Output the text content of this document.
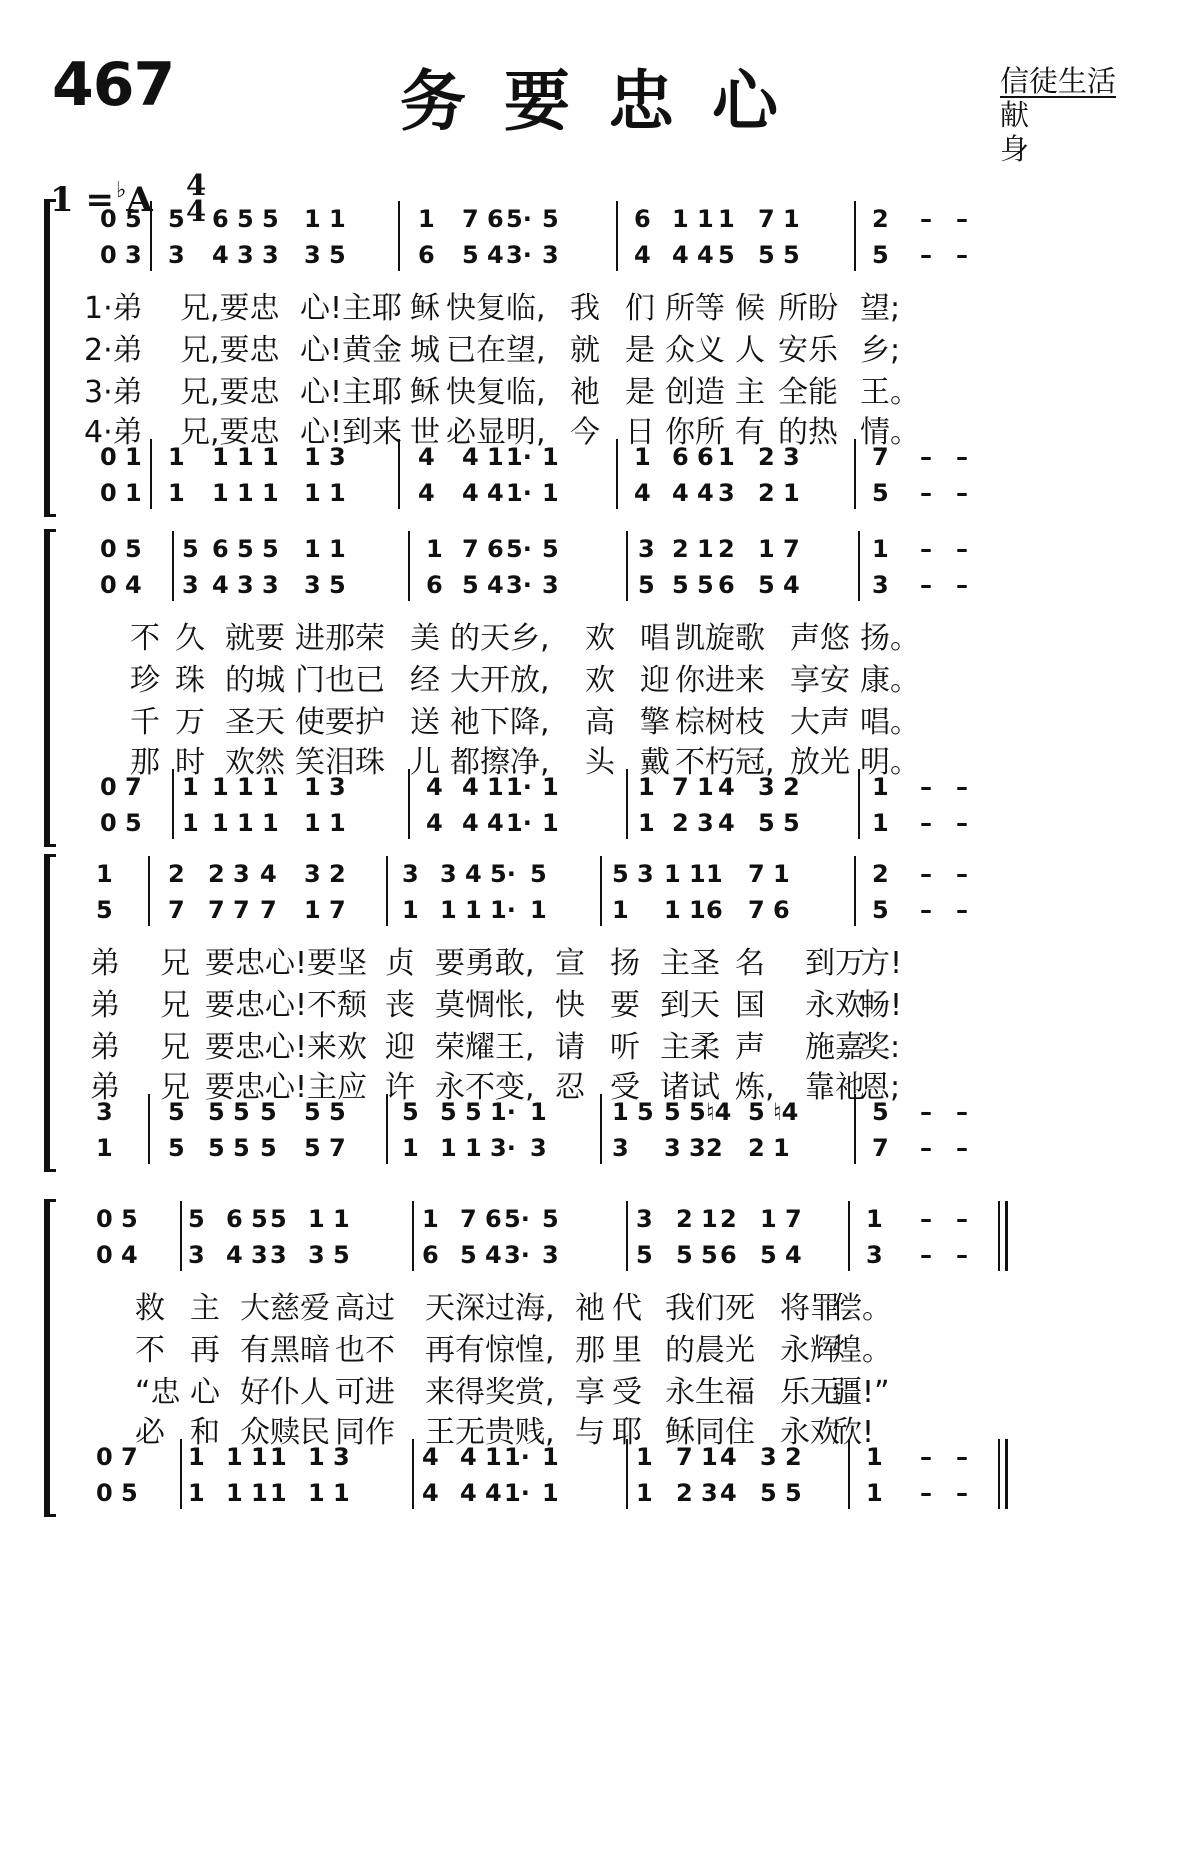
467	务要忠心	信徒生活
献　身
1 =♭A 4
4
0 5 5 6 5 5 1 1	1 7 6 5· 5	6 1 1 1 7 1	2 – –
0 3 3 4 3 3 3 5	6 5 4 3· 3	4 4 4 5 5 5	5 – –
0 1 1 1 1 1 1 3	4 4 1 1· 1	1 6 6 1 2 3	7 – –
0 1 1 1 1 1 1 1	4 4 4 1· 1	4 4 4 3 2 1	5 – –
1·弟 兄,要忠 心!主耶 稣 快复临, 我 们 所等 候 所盼 望;
2·弟 兄,要忠 心!黄金 城 已在望, 就 是 众义 人 安乐 乡;
3·弟 兄,要忠 心!主耶 稣 快复临, 祂 是 创造 主 全能 王。
4·弟 兄,要忠 心!到来 世 必显明, 今 日 你所 有 的热 情。
0 5 5 6 5 5 1 1	1 7 6 5· 5	3 2 1 2 1 7	1 – –
0 4 3 4 3 3 3 5	6 5 4 3· 3	5 5 5 6 5 4	3 – –
0 7 1 1 1 1 1 3	4 4 1 1· 1	1 7 1 4 3 2	1 – –
0 5 1 1 1 1 1 1	4 4 4 1· 1	1 2 3 4 5 5	1 – –
不 久 就要 进那荣 美 的天乡, 欢 唱 凯旋歌 声悠 扬。
珍 珠 的城 门也已 经 大开放, 欢 迎 你进来 享安 康。
千 万 圣天 使要护 送 祂下降, 高 擎 棕树枝 大声 唱。
那 时 欢然 笑泪珠 儿 都擦净, 头 戴 不朽冠, 放光 明。
1 2 2 3 4 3 2 3 3 4 5· 5	5 3 1 1 1 7 1	2 – –
5 7 7 7 7 1 7 1 1 1 1· 1	1 1 1 6 7 6	5 – –
3 5 5 5 5 5 5 5 5 5 1· 1	1 5 5 5 ♮4 5 ♮4	5 – –
1 5 5 5 5 5 7 1 1 1 3· 3	3 3 3 2 2 1	7 – –
弟 兄 要忠心!要坚 贞 要勇敢, 宣 扬 主圣 名 到万
方!
弟 兄 要忠心!不颓 丧 莫惆怅, 快 要 到天 国 永欢
畅!
弟 兄 要忠心!来欢 迎 荣耀王, 请 听 主柔 声 施嘉
奖:
弟 兄 要忠心!主应 许 永不变, 忍 受 诸试 炼, 靠祂
恩;
0 5 5 6 5 5 1 1	1 7 6 5· 5	3 2 1 2 1 7	1 – –
0 4 3 4 3 3 3 5	6 5 4 3· 3	5 5 5 6 5 4	3 – –
0 7 1 1 1 1 1 3	4 4 1 1· 1	1 7 1 4 3 2	1 – –
0 5 1 1 1 1 1 1	4 4 4 1· 1	1 2 3 4 5 5	1 – –
救 主 大慈爱 高过 天深过海, 祂 代 我们死 将罪
偿。
不 再 有黑暗 也不 再有惊惶, 那 里 的晨光 永辉
煌。
“忠 心 好仆人 可进 来得奖赏, 享 受 永生福 乐无
疆!”
必 和 众赎民 同作 王无贵贱, 与 耶 稣同住 永欢
欣!
